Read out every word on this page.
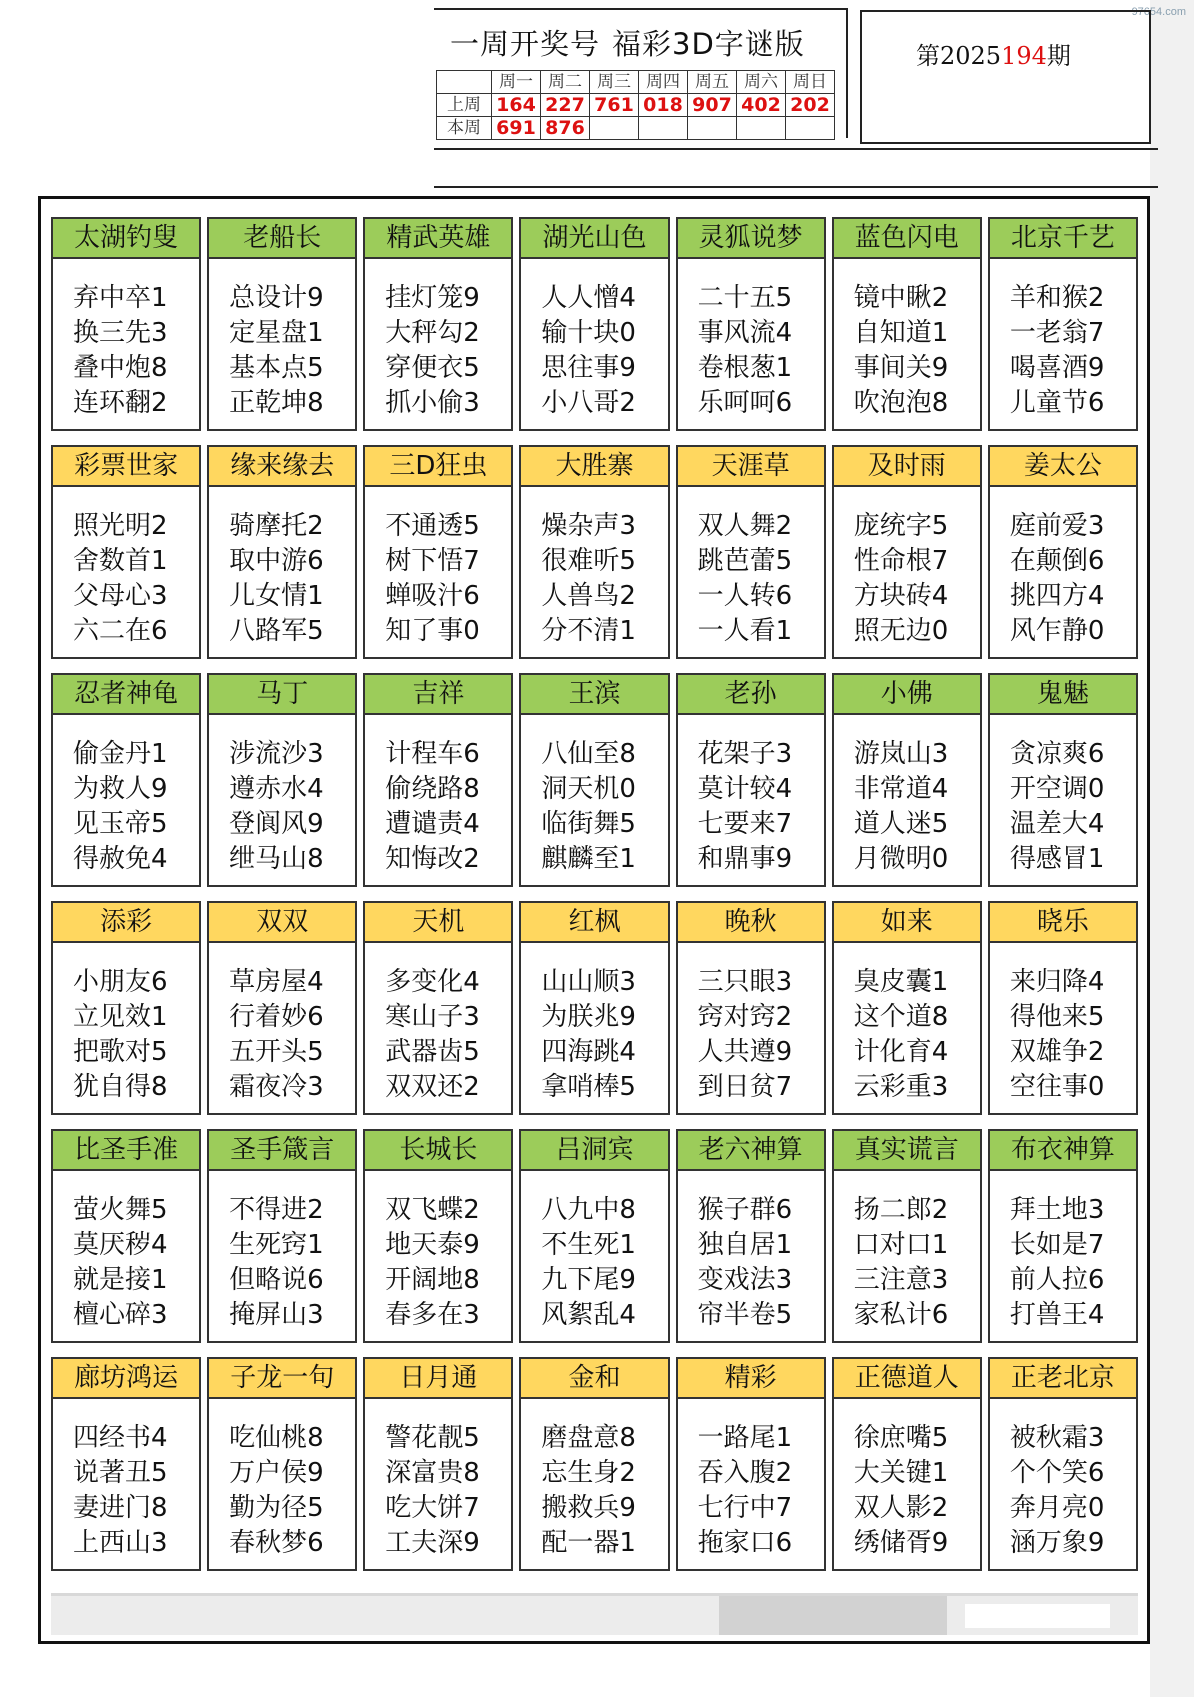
97654.com
一周开奖号 福彩3D字谜版
	周一	周二	周三	周四	周五	周六	周日
上周	164	227	761	018	907	402	202
本周	691	876					
第2025194期
太湖钓叟
弃中卒1
换三先3
叠中炮8
连环翻2
老船长
总设计9
定星盘1
基本点5
正乾坤8
精武英雄
挂灯笼9
大秤勾2
穿便衣5
抓小偷3
湖光山色
人人憎4
输十块0
思往事9
小八哥2
灵狐说梦
二十五5
事风流4
卷根葱1
乐呵呵6
蓝色闪电
镜中瞅2
自知道1
事间关9
吹泡泡8
北京千艺
羊和猴2
一老翁7
喝喜酒9
儿童节6
彩票世家
照光明2
舍数首1
父母心3
六二在6
缘来缘去
骑摩托2
取中游6
儿女情1
八路军5
三D狂虫
不通透5
树下悟7
蝉吸汁6
知了事0
大胜寨
燥杂声3
很难听5
人兽鸟2
分不清1
天涯草
双人舞2
跳芭蕾5
一人转6
一人看1
及时雨
庞统字5
性命根7
方块砖4
照无边0
姜太公
庭前爱3
在颠倒6
挑四方4
风乍静0
忍者神龟
偷金丹1
为救人9
见玉帝5
得赦免4
马丁
涉流沙3
遵赤水4
登阆风9
绁马山8
吉祥
计程车6
偷绕路8
遭谴责4
知悔改2
王滨
八仙至8
洞天机0
临街舞5
麒麟至1
老孙
花架子3
莫计较4
七要来7
和鼎事9
小佛
游岚山3
非常道4
道人迷5
月微明0
鬼魅
贪凉爽6
开空调0
温差大4
得感冒1
添彩
小朋友6
立见效1
把歌对5
犹自得8
双双
草房屋4
行着妙6
五开头5
霜夜冷3
天机
多变化4
寒山子3
武器齿5
双双还2
红枫
山山顺3
为朕兆9
四海跳4
拿哨棒5
晚秋
三只眼3
窍对窍2
人共遵9
到日贫7
如来
臭皮囊1
这个道8
计化育4
云彩重3
晓乐
来归降4
得他来5
双雄争2
空往事0
比圣手准
萤火舞5
莫厌秽4
就是接1
檀心碎3
圣手箴言
不得进2
生死窍1
但略说6
掩屏山3
长城长
双飞蝶2
地天泰9
开阔地8
春多在3
吕洞宾
八九中8
不生死1
九下尾9
风絮乱4
老六神算
猴子群6
独自居1
变戏法3
帘半卷5
真实谎言
扬二郎2
口对口1
三注意3
家私计6
布衣神算
拜土地3
长如是7
前人拉6
打兽王4
廊坊鸿运
四经书4
说著丑5
妻进门8
上西山3
子龙一句
吃仙桃8
万户侯9
勤为径5
春秋梦6
日月通
警花靓5
深富贵8
吃大饼7
工夫深9
金和
磨盘意8
忘生身2
搬救兵9
配一器1
精彩
一路尾1
吞入腹2
七行中7
拖家口6
正德道人
徐庶嘴5
大关键1
双人影2
绣储胥9
正老北京
被秋霜3
个个笑6
奔月亮0
涵万象9
